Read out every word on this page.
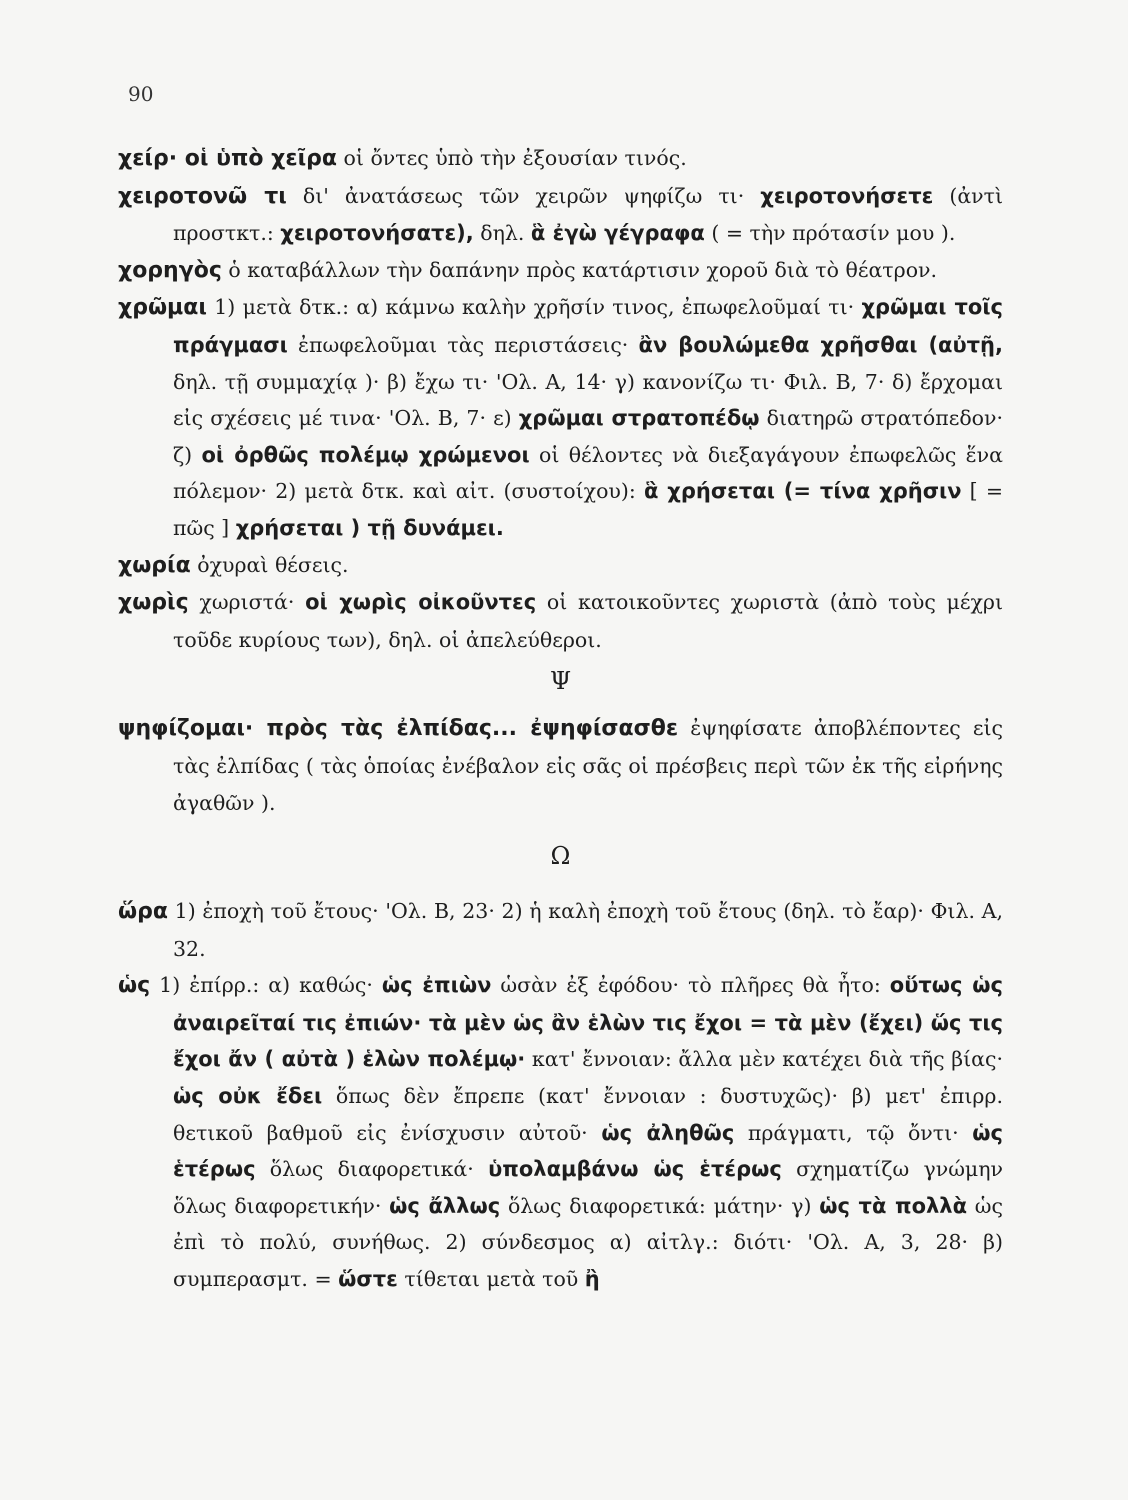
90

χείρ· οἱ ὑπὸ χεῖρα οἱ ὄντες ὑπὸ τὴν ἐξουσίαν τινός.

χειροτονῶ τι δι' ἀνατάσεως τῶν χειρῶν ψηφίζω τι· χειροτονήσετε (ἀντὶ προστκτ.: χειροτονήσατε), δηλ. ἃ ἐγὼ γέγραφα ( = τὴν πρότασίν μου ).

χορηγὸς ὁ καταβάλλων τὴν δαπάνην πρὸς κατάρτισιν χοροῦ διὰ τὸ θέατρον.

χρῶμαι 1) μετὰ δτκ.: α) κάμνω καλὴν χρῆσίν τινος, ἐπωφελοῦμαί τι· χρῶμαι τοῖς πράγμασι ἐπωφελοῦμαι τὰς περιστάσεις· ἂν βουλώμεθα χρῆσθαι (αὐτῇ, δηλ. τῇ συμμαχίᾳ )· β) ἔχω τι· 'Ολ. Α, 14· γ) κανονίζω τι· Φιλ. Β, 7· δ) ἔρχομαι εἰς σχέσεις μέ τινα· 'Ολ. Β, 7· ε) χρῶμαι στρατοπέδῳ διατηρῶ στρατόπεδον· ζ) οἱ ὀρθῶς πολέμῳ χρώμενοι οἱ θέλοντες νὰ διεξαγάγουν ἐπωφελῶς ἕνα πόλεμον· 2) μετὰ δτκ. καὶ αἰτ. (συστοίχου): ἃ χρήσεται (= τίνα χρῆσιν [ = πῶς ] χρήσεται ) τῇ δυνάμει.

χωρία ὀχυραὶ θέσεις.

χωρὶς χωριστά· οἱ χωρὶς οἰκοῦντες οἱ κατοικοῦντες χωριστὰ (ἀπὸ τοὺς μέχρι τοῦδε κυρίους των), δηλ. οἱ ἀπελεύθεροι.

Ψ

ψηφίζομαι· πρὸς τὰς ἐλπίδας... ἐψηφίσασθε ἐψηφίσατε ἀποβλέποντες εἰς τὰς ἐλπίδας ( τὰς ὁποίας ἐνέβαλον εἰς σᾶς οἱ πρέσβεις περὶ τῶν ἐκ τῆς εἰρήνης ἀγαθῶν ).

Ω

ὥρα 1) ἐποχὴ τοῦ ἔτους· 'Ολ. Β, 23· 2) ἡ καλὴ ἐποχὴ τοῦ ἔτους (δηλ. τὸ ἔαρ)· Φιλ. Α, 32.

ὡς 1) ἐπίρρ.: α) καθώς· ὡς ἐπιὼν ὡσὰν ἐξ ἐφόδου· τὸ πλῆρες θὰ ἦτο: οὕτως ὡς ἀναιρεῖταί τις ἐπιών· τὰ μὲν ὡς ἂν ἑλὼν τις ἔχοι = τὰ μὲν (ἔχει) ὥς τις ἔχοι ἄν ( αὐτὰ ) ἑλὼν πολέμῳ· κατ' ἔννοιαν: ἄλλα μὲν κατέχει διὰ τῆς βίας· ὡς οὐκ ἔδει ὅπως δὲν ἔπρεπε (κατ' ἔννοιαν : δυστυχῶς)· β) μετ' ἐπιρρ. θετικοῦ βαθμοῦ εἰς ἐνίσχυσιν αὐτοῦ· ὡς ἀληθῶς πράγματι, τῷ ὄντι· ὡς ἑτέρως ὅλως διαφορετικά· ὑπολαμβάνω ὡς ἑτέρως σχηματίζω γνώμην ὅλως διαφορετικήν· ὡς ἄλλως ὅλως διαφορετικά: μάτην· γ) ὡς τὰ πολλὰ ὡς ἐπὶ τὸ πολύ, συνήθως. 2) σύνδεσμος α) αἰτλγ.: διότι· 'Ολ. Α, 3, 28· β) συμπερασμτ. = ὥστε τίθεται μετὰ τοῦ ἢ
